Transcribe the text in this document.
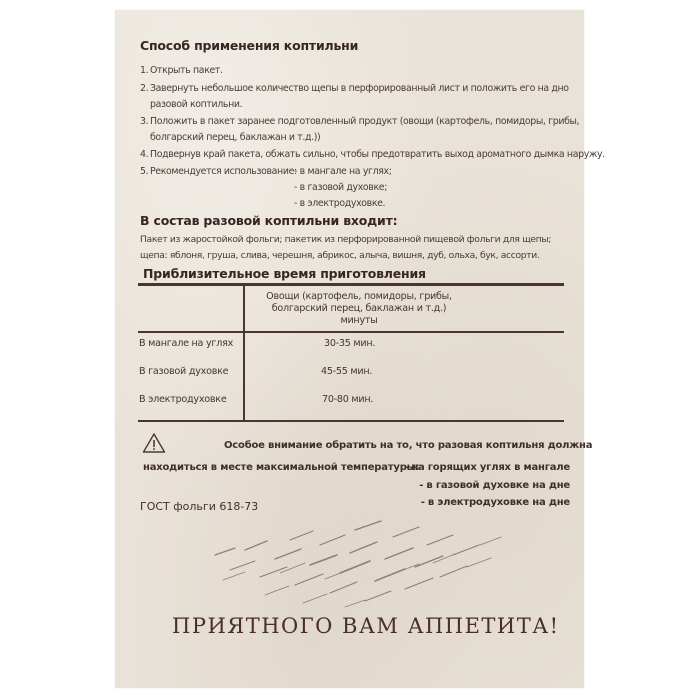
Способ применения коптильни
1. Открыть пакет.
2. Завернуть небольшое количество щепы в перфорированный лист и положить его на дно
разовой коптильни.
3. Положить в пакет заранее подготовленный продукт (овощи (картофель, помидоры, грибы,
болгарский перец, баклажан и т.д.))
4. Подвернув край пакета, обжать сильно, чтобы предотвратить выход ароматного дымка наружу.
5. Рекомендуется использование:
- в мангале на углях;
- в газовой духовке;
- в электродуховке.
В состав разовой коптильни входит:
Пакет из жаростойкой фольги; пакетик из перфорированной пищевой фольги для щепы;
щепа: яблоня, груша, слива, черешня, абрикос, алыча, вишня, дуб, ольха, бук, ассорти.
Приблизительное время приготовления
Овощи (картофель, помидоры, грибы,
болгарский перец, баклажан и т.д.)
минуты
В мангале на углях	30-35 мин.
В газовой духовке	45-55 мин.
В электродуховке	70-80 мин.
Особое внимание обратить на то, что разовая коптильня должна
находиться в месте максимальной температуры:
- на горящих углях в мангале
- в газовой духовке на дне
- в электродуховке на дне
ГОСТ фольги 618-73
ПРИЯТНОГО ВАМ АППЕТИТА!
